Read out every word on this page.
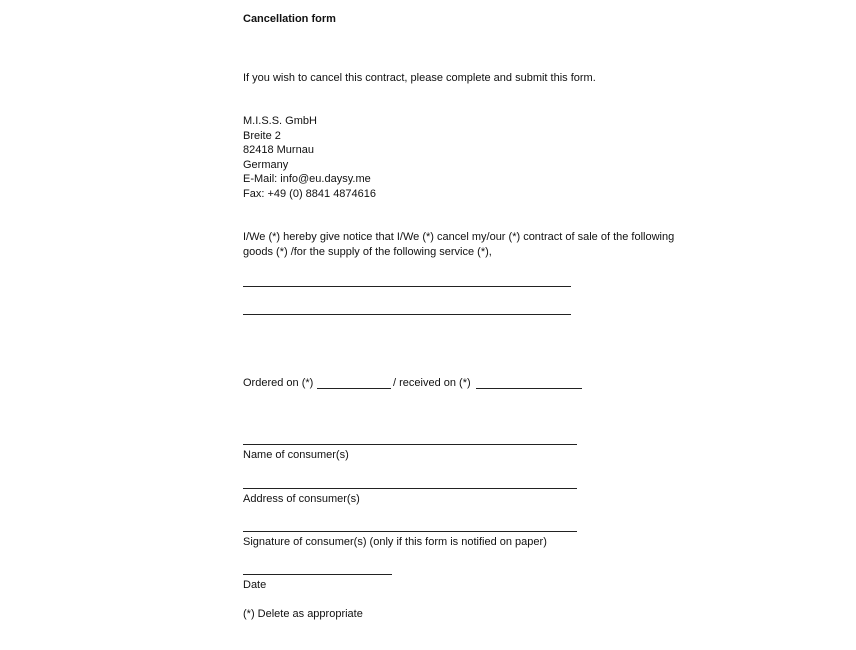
Cancellation form
If you wish to cancel this contract, please complete and submit this form.
M.I.S.S. GmbH
Breite 2
82418 Murnau
Germany
E-Mail: info@eu.daysy.me
Fax: +49 (0) 8841 4874616
I/We (*) hereby give notice that I/We (*) cancel my/our (*) contract of sale of the following
goods (*) /for the supply of the following service (*),
Ordered on (*)	/ received on (*)
Name of consumer(s)
Address of consumer(s)
Signature of consumer(s) (only if this form is notified on paper)
Date
(*) Delete as appropriate
